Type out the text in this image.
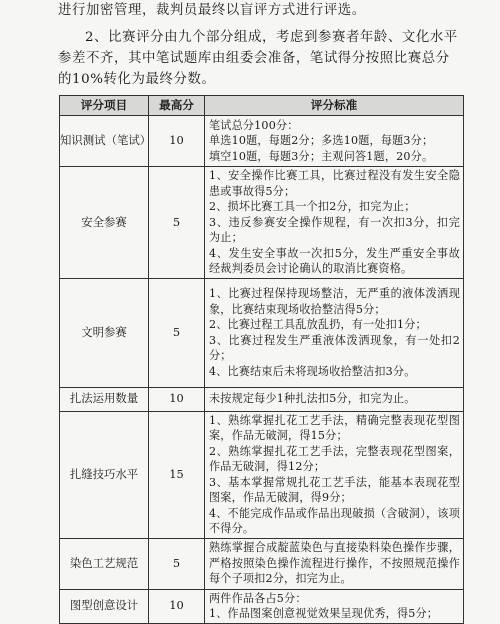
进行加密管理，裁判员最终以盲评方式进行评选。

2、比赛评分由九个部分组成，考虑到参赛者年龄、文化水平参差不齐，其中笔试题库由组委会准备，笔试得分按照比赛总分的10%转化为最终分数。

评分项目	最高分	评分标准
知识测试（笔试）	10	笔试总分100分：
单选10题，每题2分；多选10题，每题3分；
填空10题，每题3分；主观问答1题，20分。

安全参赛	5	1、安全操作比赛工具，比赛过程没有发生安全隐患或事故得5分；
2、损坏比赛工具一个扣2分，扣完为止；
3、违反参赛安全操作规程，有一次扣3分，扣完为止；
4、发生安全事故一次扣5分，发生严重安全事故经裁判委员会讨论确认的取消比赛资格。

文明参赛	5	1、比赛过程保持现场整洁，无严重的液体泼洒现象，比赛结束现场收拾整洁得5分；
2、比赛过程工具乱放乱扔，有一处扣1分；
3、比赛过程发生严重液体泼洒现象，有一处扣2分；
4、比赛结束后未将现场收拾整洁扣3分。

扎法运用数量	10	未按规定每少1种扎法扣5分，扣完为止。

扎缝技巧水平	15	1、熟练掌握扎花工艺手法，精确完整表现花型图案，作品无破洞，得15分；
2、熟练掌握扎花工艺手法，完整表现花型图案，作品无破洞，得12分；
3、基本掌握常规扎花工艺手法，能基本表现花型图案，作品无破洞，得9分；
4、不能完成作品或作品出现破损（含破洞），该项不得分。

染色工艺规范	5	熟练掌握合成靛蓝染色与直接染料染色操作步骤，严格按照染色操作流程进行操作，不按照规范操作每个子项扣2分，扣完为止。

图型创意设计	10	两件作品各占5分：
1、作品图案创意视觉效果呈现优秀，得5分；
